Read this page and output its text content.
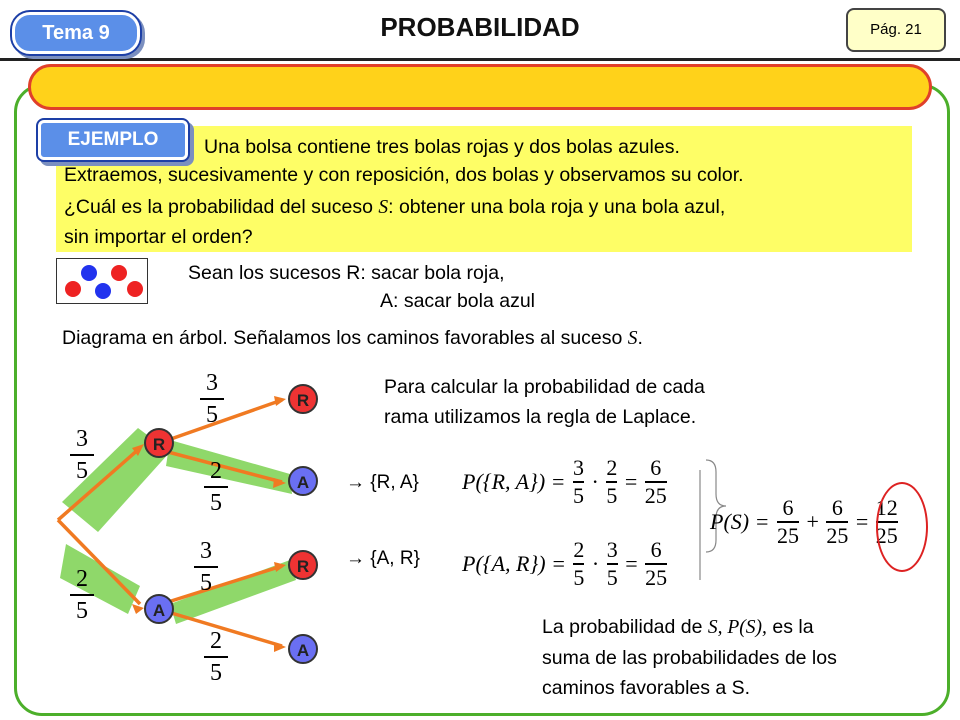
Tema 9	PROBABILIDAD	Pág. 21
EJEMPLO	Una bolsa contiene tres bolas rojas y dos bolas azules.
Extraemos, sucesivamente y con reposición, dos bolas y observamos su color.
¿Cuál es la probabilidad del suceso S: obtener una bola roja y una bola azul,
sin importar el orden?
Sean los sucesos R: sacar bola roja,
A: sacar bola azul
Diagrama en árbol. Señalamos los caminos favorables al suceso S.
Para calcular la probabilidad de cada
rama utilizamos la regla de Laplace.
R
A
R
A
R
A
3
5
2
5
3
5
2
5
3
5
2
5
→ {R, A}
→ {A, R}
P({R, $A\}) = \frac{3}{5} \cdot \frac{2}{5} = \frac{6}{25}$
P({A, $R\}) = \frac{2}{5} \cdot \frac{3}{5} = \frac{6}{25}$
$P(S) = \frac{6}{25} + \frac{6}{25} = \frac{12}{25}$
La probabilidad de S, P(S), es la
suma de las probabilidades de los
caminos favorables a S.
